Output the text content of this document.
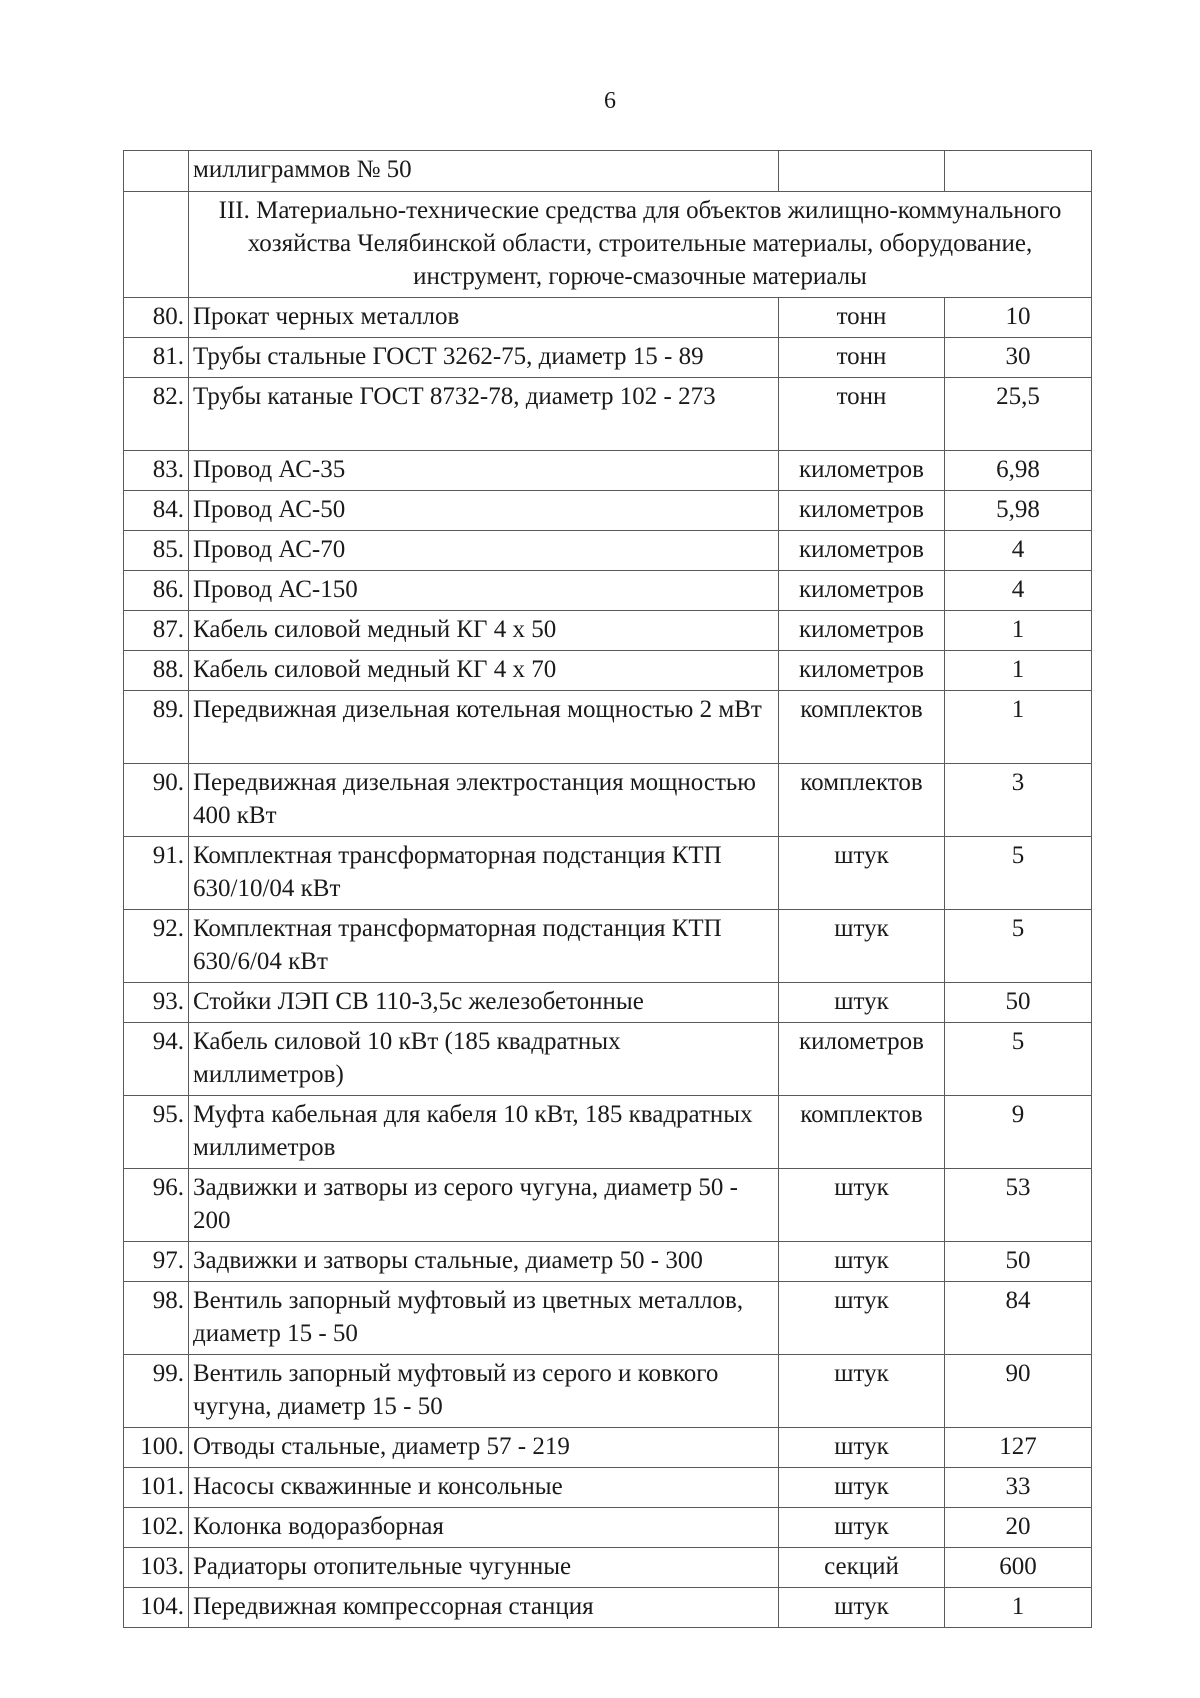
6
	миллиграммов № 50		
	III. Материально-технические средства для объектов жилищно-коммунального хозяйства Челябинской области, строительные материалы, оборудование, инструмент, горюче-смазочные материалы		
80.	Прокат черных металлов	тонн	10
81.	Трубы стальные ГОСТ 3262-75, диаметр 15 - 89	тонн	30
82.	Трубы катаные ГОСТ 8732-78, диаметр 102 - 273	тонн	25,5
83.	Провод АС-35	километров	6,98
84.	Провод АС-50	километров	5,98
85.	Провод АС-70	километров	4
86.	Провод АС-150	километров	4
87.	Кабель силовой медный КГ 4 х 50	километров	1
88.	Кабель силовой медный КГ 4 х 70	километров	1
89.	Передвижная дизельная котельная мощностью 2 мВт	комплектов	1
90.	Передвижная дизельная электростанция мощностью 400 кВт	комплектов	3
91.	Комплектная трансформаторная подстанция КТП 630/10/04 кВт	штук	5
92.	Комплектная трансформаторная подстанция КТП 630/6/04 кВт	штук	5
93.	Стойки ЛЭП СВ 110-3,5с железобетонные	штук	50
94.	Кабель силовой 10 кВт (185 квадратных миллиметров)	километров	5
95.	Муфта кабельная для кабеля 10 кВт, 185 квадратных миллиметров	комплектов	9
96.	Задвижки и затворы из серого чугуна, диаметр 50 - 200	штук	53
97.	Задвижки и затворы стальные, диаметр 50 - 300	штук	50
98.	Вентиль запорный муфтовый из цветных металлов, диаметр 15 - 50	штук	84
99.	Вентиль запорный муфтовый из серого и ковкого чугуна, диаметр 15 - 50	штук	90
100.	Отводы стальные, диаметр 57 - 219	штук	127
101.	Насосы скважинные и консольные	штук	33
102.	Колонка водоразборная	штук	20
103.	Радиаторы отопительные чугунные	секций	600
104.	Передвижная компрессорная станция	штук	1
